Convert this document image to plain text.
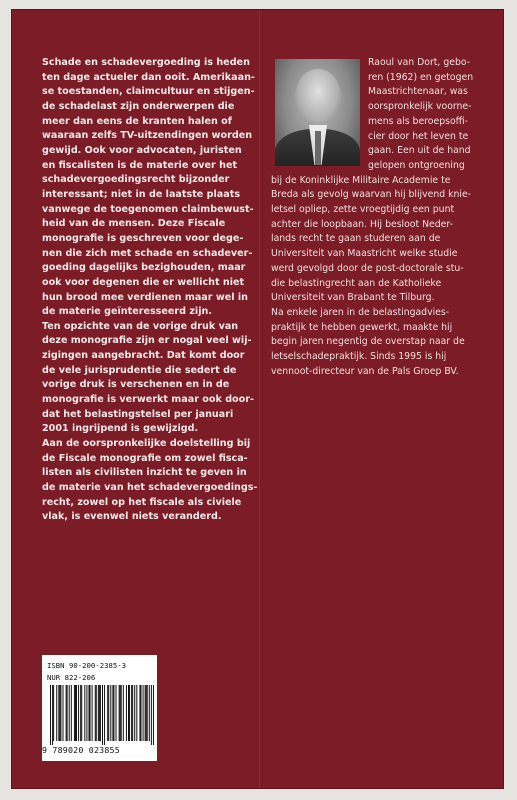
Schade en schadevergoeding is heden
ten dage actueler dan ooit. Amerikaan-
se toestanden, claimcultuur en stijgen-
de schadelast zijn onderwerpen die
meer dan eens de kranten halen of
waaraan zelfs TV-uitzendingen worden
gewijd. Ook voor advocaten, juristen
en fiscalisten is de materie over het
schadevergoedingsrecht bijzonder
interessant; niet in de laatste plaats
vanwege de toegenomen claimbewust-
heid van de mensen. Deze Fiscale
monografie is geschreven voor dege-
nen die zich met schade en schadever-
goeding dagelijks bezighouden, maar
ook voor degenen die er wellicht niet
hun brood mee verdienen maar wel in
de materie geïnteresseerd zijn.

Ten opzichte van de vorige druk van
deze monografie zijn er nogal veel wij-
zigingen aangebracht. Dat komt door
de vele jurisprudentie die sedert de
vorige druk is verschenen en in de
monografie is verwerkt maar ook door-
dat het belastingstelsel per januari
2001 ingrijpend is gewijzigd.

Aan de oorspronkelijke doelstelling bij
de Fiscale monografie om zowel fisca-
listen als civilisten inzicht te geven in
de materie van het schadevergoedings-
recht, zowel op het fiscale als civiele
vlak, is evenwel niets veranderd.

Raoul van Dort, gebo-
ren (1962) en getogen
Maastrichtenaar, was
oorspronkelijk voorne-
mens als beroepsoffi-
cier door het leven te
gaan. Een uit de hand
gelopen ontgroening
bij de Koninklijke Militaire Academie te
Breda als gevolg waarvan hij blijvend knie-
letsel opliep, zette vroegtijdig een punt
achter die loopbaan. Hij besloot Neder-
lands recht te gaan studeren aan de
Universiteit van Maastricht welke studie
werd gevolgd door de post-doctorale stu-
die belastingrecht aan de Katholieke
Universiteit van Brabant te Tilburg.
Na enkele jaren in de belastingadvies-
praktijk te hebben gewerkt, maakte hij
begin jaren negentig de overstap naar de
letselschadepraktijk. Sinds 1995 is hij
vennoot-directeur van de Pals Groep BV.
ISBN 90-200-2385-3
NUR 822-206
9 789020 023855
